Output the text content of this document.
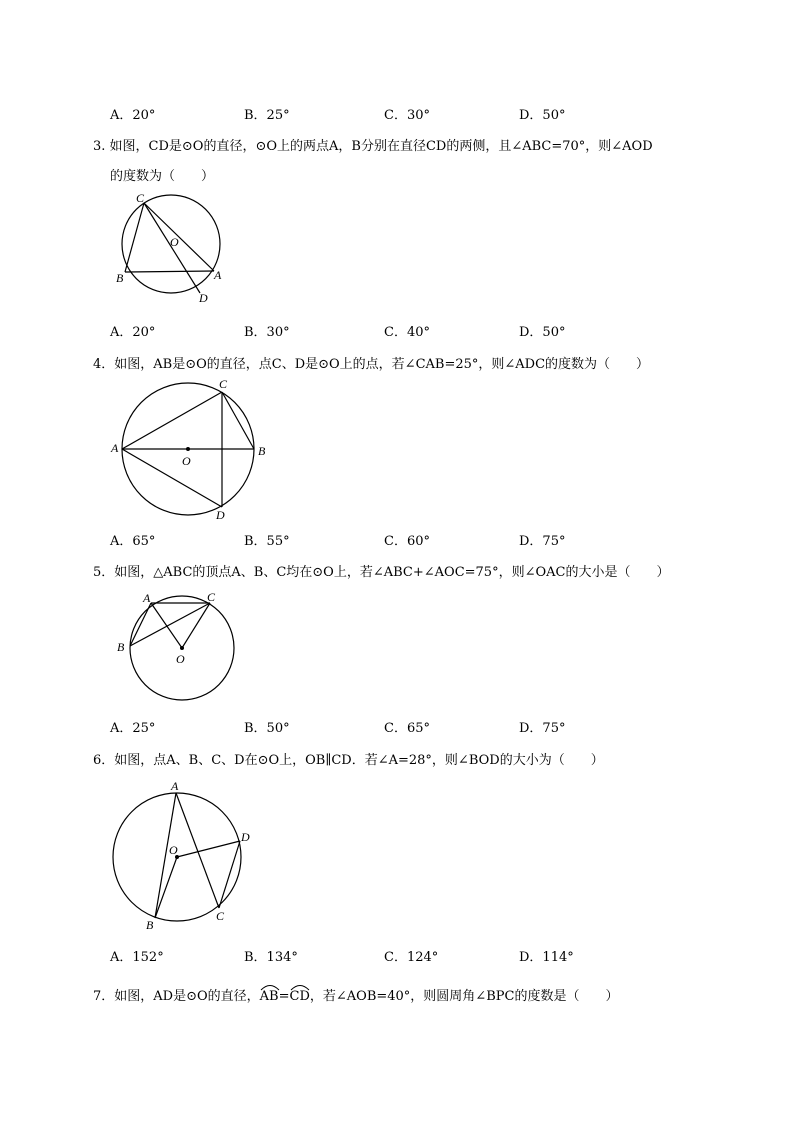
A．20°	B．25°	C．30°	D．50°
3. 如图，CD是⊙O的直径，⊙O上的两点A，B分别在直径CD的两侧，且∠ABC=70°，则∠AOD
的度数为（　　）
C
O
B	A
D
A．20°	B．30°	C．40°	D．50°
4．如图，AB是⊙O的直径，点C、D是⊙O上的点，若∠CAB=25°，则∠ADC的度数为（　　）
C
A
O
B
D
A．65°	B．55°	C．60°	D．75°
5．如图，△ABC的顶点A、B、C均在⊙O上，若∠ABC+∠AOC=75°，则∠OAC的大小是（　　）
A	C
B
O
A．25°	B．50°	C．65°	D．75°
6．如图，点A、B、C、D在⊙O上，OB∥CD．若∠A=28°，则∠BOD的大小为（　　）
A
D
O
B
C
A．152°	B．134°	C．124°	D．114°
7．如图，AD是⊙O的直径，
AB=
CD，若∠AOB=40°，则圆周角∠BPC的度数是（　　）
